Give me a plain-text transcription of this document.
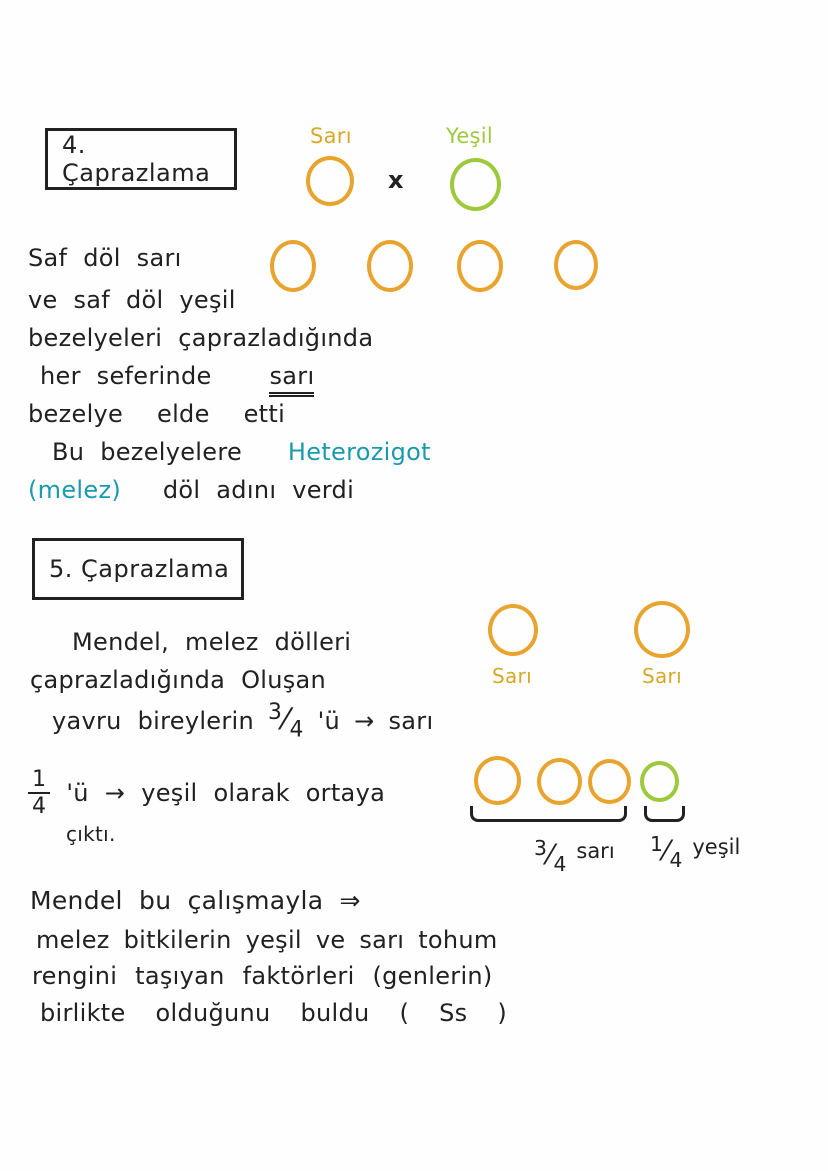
4. Çaprazlama
Sarı
x
Yeşil
Saf döl sarı
ve saf döl yeşil
bezelyeleri çaprazladığında
her seferinde sarı
bezelye elde etti
Bu bezelyelere Heterozigot
(melez) döl adını verdi
5. Çaprazlama
Mendel, melez dölleri
çaprazladığında Oluşan
yavru bireylerin $^3⁄_4$ 'ü → sarı
Sarı	Sarı
$\frac{1}{4}$ 'ü → yeşil olarak ortaya
çıktı.
$^3⁄_4$
sarı $^1⁄_4$
yeşil
Mendel bu çalışmayla ⇒
melez bitkilerin yeşil ve sarı tohum
rengini taşıyan faktörleri (genlerin)
birlikte olduğunu buldu ( Ss )
